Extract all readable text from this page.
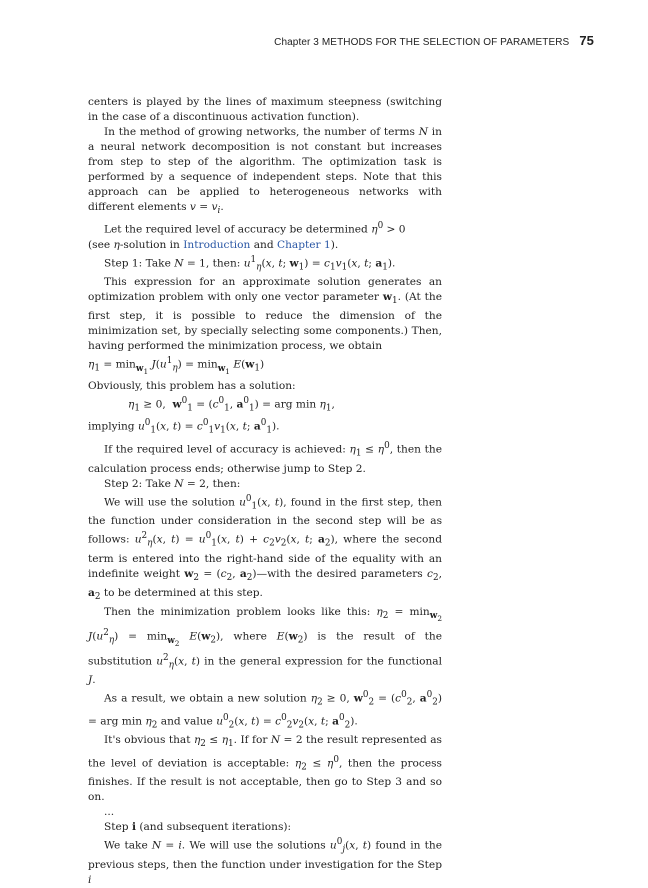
Chapter 3
METHODS FOR THE SELECTION OF PARAMETERS 75

centers is played by the lines of maximum steepness (switching in the case of a discontinuous activation function).

In the method of growing networks, the number of terms N in a neural network decomposition is not constant but increases from step to step of the algorithm. The optimization task is performed by a sequence of independent steps. Note that this approach can be applied to heterogeneous networks with different elements $v = v_i$.

Let the required level of accuracy be determined $\eta^0 > 0$

(see η-solution in Introduction and Chapter 1).

Step 1: Take N = 1, then: $u^1_\eta(x$, t; $w_1) = c_1v_1(x$, t; $a_1$).

This expression for an approximate solution generates an optimization problem with only one vector parameter $w_1$. (At the first step, it is possible to reduce the dimension of the minimization set, by specially selecting some components.) Then, having performed the minimization process, we obtain

$\eta_1 = \min_{w_1} J(u^1_\eta) = \min_{w_1} E(w_1)$

Obviously, this problem has a solution:

$\eta_1 \ge 0$,  $w^0_1 = (c^0_1$, $a^0_1$) = arg $\min \eta_1$,

implying $u^0_1(x$, $t) = c^0_1v_1(x$, t; $a^0_1$).

If the required level of accuracy is achieved: $\eta_1 \le \eta^0$, then the calculation process ends; otherwise jump to Step 2.

Step 2: Take N = 2, then:

We will use the solution $u^0_1(x$, t), found in the first step, then the function under consideration in the second step will be as follows: $u^2_\eta(x$, $t) = u^0_1(x$, $t) + c_2v_2(x$, t; $a_2$), where the second term is entered into the right-hand side of the equality with an indefinite weight $w_2 = (c_2$, $a_2)—with$ the desired parameters $c_2$, $a_2$ to be determined at this step.

Then the minimization problem looks like this: $\eta_2 = \min_{w_2} J(u^2_\eta) = \min_{w_2} E(w_2)$, where $E(w_2)$ is the result of the substitution $u^2_\eta(x$, t) in the general expression for the functional J.

As a result, we obtain a new solution $\eta_2 \ge 0$, $w^0_2 = (c^0_2$, $a^0_2$) = arg $\min \eta_2$ and value $u^0_2(x$, $t) = c^0_2v_2(x$, t; $a^0_2$).

It's obvious that $\eta_2 \le \eta_1$. If for N = 2 the result represented as the level of deviation is acceptable: $\eta_2 \le \eta^0$, then the process finishes. If the result is not acceptable, then go to Step 3 and so on.

...

Step i (and subsequent iterations):

We take N = i. We will use the solutions $u^0_j(x$, t) found in the previous steps, then the function under investigation for the Step i
